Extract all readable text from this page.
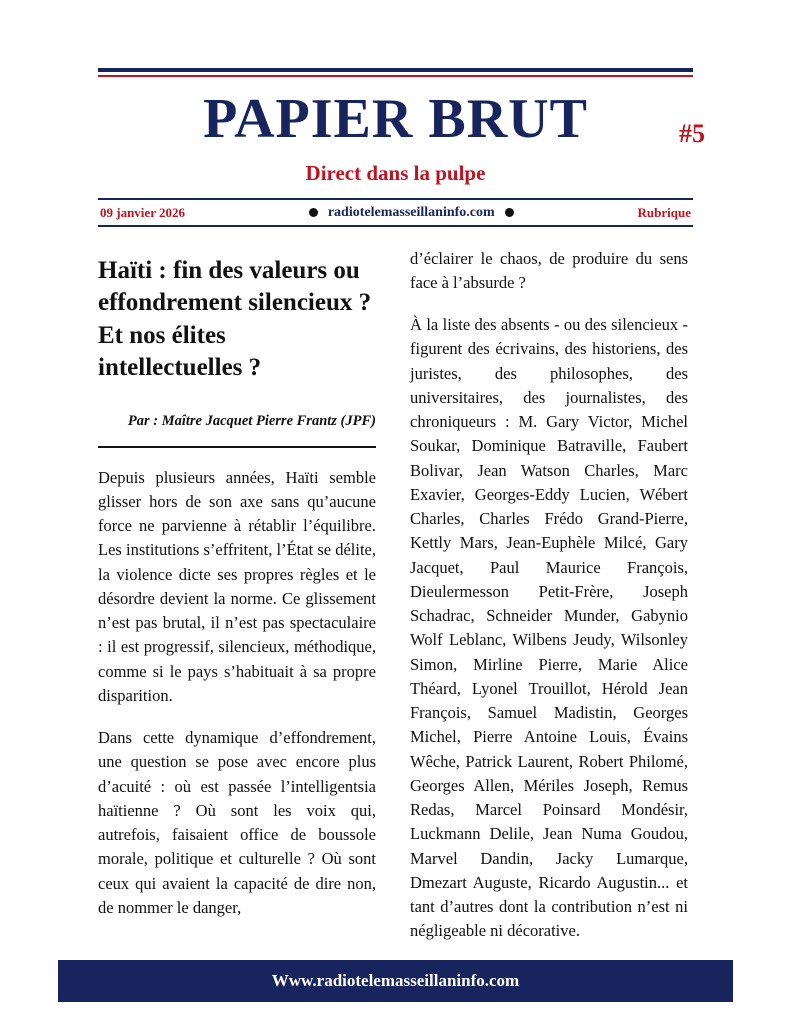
PAPIER BRUT	#5
Direct dans la pulpe
09 janvier 2026	radiotelemasseillaninfo.com	Rubrique
Haïti : fin des valeurs ou effondrement silencieux ? Et nos élites intellectuelles ?
Par : Maître Jacquet Pierre Frantz (JPF)

Depuis plusieurs années, Haïti semble glisser hors de son axe sans qu’aucune force ne parvienne à rétablir l’équilibre. Les institutions s’effritent, l’État se délite, la violence dicte ses propres règles et le désordre devient la norme. Ce glissement n’est pas brutal, il n’est pas spectaculaire : il est progressif, silencieux, méthodique, comme si le pays s’habituait à sa propre disparition.

Dans cette dynamique d’effondrement, une question se pose avec encore plus d’acuité : où est passée l’intelligentsia haïtienne ? Où sont les voix qui, autrefois, faisaient office de boussole morale, politique et culturelle ? Où sont ceux qui avaient la capacité de dire non, de nommer le danger,

d’éclairer le chaos, de produire du sens face à l’absurde ?

À la liste des absents - ou des silencieux - figurent des écrivains, des historiens, des juristes, des philosophes, des universitaires, des journalistes, des chroniqueurs : M. Gary Victor, Michel Soukar, Dominique Batraville, Faubert Bolivar, Jean Watson Charles, Marc Exavier, Georges-Eddy Lucien, Wébert Charles, Charles Frédo Grand-Pierre, Kettly Mars, Jean-Euphèle Milcé, Gary Jacquet, Paul Maurice François, Dieulermesson Petit-Frère, Joseph Schadrac, Schneider Munder, Gabynio Wolf Leblanc, Wilbens Jeudy, Wilsonley Simon, Mirline Pierre, Marie Alice Théard, Lyonel Trouillot, Hérold Jean François, Samuel Madistin, Georges Michel, Pierre Antoine Louis, Évains Wêche, Patrick Laurent, Robert Philomé, Georges Allen, Mériles Joseph, Remus Redas, Marcel Poinsard Mondésir, Luckmann Delile, Jean Numa Goudou, Marvel Dandin, Jacky Lumarque, Dmezart Auguste, Ricardo Augustin... et tant d’autres dont la contribution n’est ni négligeable ni décorative.

Www.radiotelemasseillaninfo.com
